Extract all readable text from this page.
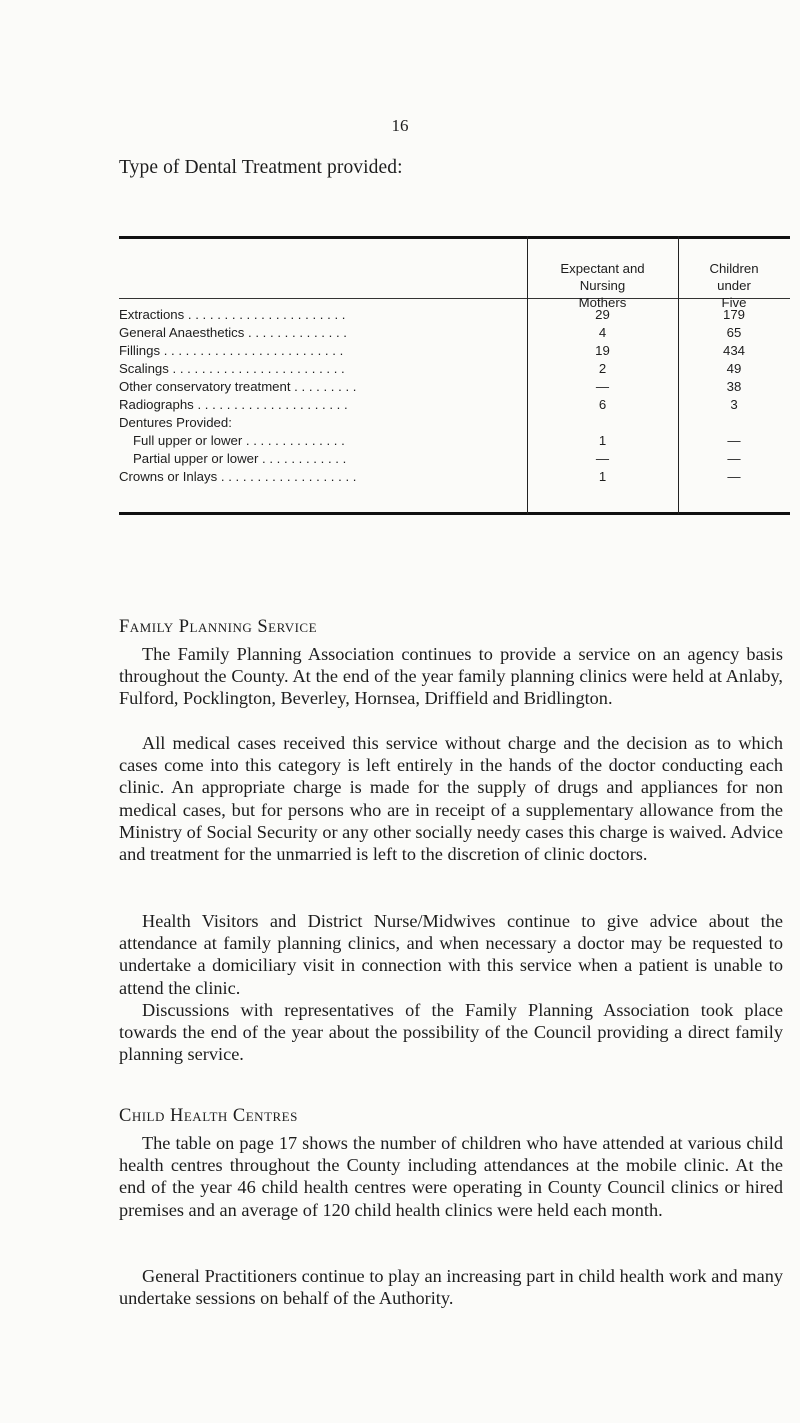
16
Type of Dental Treatment provided:
Expectant and
Nursing
Mothers
Children
under
Five
Extractions . . . . . . . . . . . . . . . . . . . . . .	29	179
General Anaesthetics . . . . . . . . . . . . . .	4	65
Fillings . . . . . . . . . . . . . . . . . . . . . . . . .	19	434
Scalings . . . . . . . . . . . . . . . . . . . . . . . .	2	49
Other conservatory treatment . . . . . . . . .	—	38
Radiographs . . . . . . . . . . . . . . . . . . . . .	6	3
Dentures Provided:
Full upper or lower . . . . . . . . . . . . . .	1	—
Partial upper or lower . . . . . . . . . . . .	—	—
Crowns or Inlays . . . . . . . . . . . . . . . . . . .	1	—
Family Planning Service

The Family Planning Association continues to provide a service on an agency basis throughout the County. At the end of the year family planning clinics were held at Anlaby, Fulford, Pocklington, Beverley, Hornsea, Driffield and Bridlington.

All medical cases received this service without charge and the decision as to which cases come into this category is left entirely in the hands of the doctor conducting each clinic. An appropriate charge is made for the supply of drugs and appliances for non medical cases, but for persons who are in receipt of a supplementary allowance from the Ministry of Social Security or any other socially needy cases this charge is waived. Advice and treatment for the unmarried is left to the discretion of clinic doctors.

Health Visitors and District Nurse/Midwives continue to give advice about the attendance at family planning clinics, and when necessary a doctor may be requested to undertake a domiciliary visit in connection with this service when a patient is unable to attend the clinic.

Discussions with representatives of the Family Planning Association took place towards the end of the year about the possibility of the Council providing a direct family planning service.

Child Health Centres

The table on page 17 shows the number of children who have attended at various child health centres throughout the County including attendances at the mobile clinic. At the end of the year 46 child health centres were operating in County Council clinics or hired premises and an average of 120 child health clinics were held each month.

General Practitioners continue to play an increasing part in child health work and many undertake sessions on behalf of the Authority.
